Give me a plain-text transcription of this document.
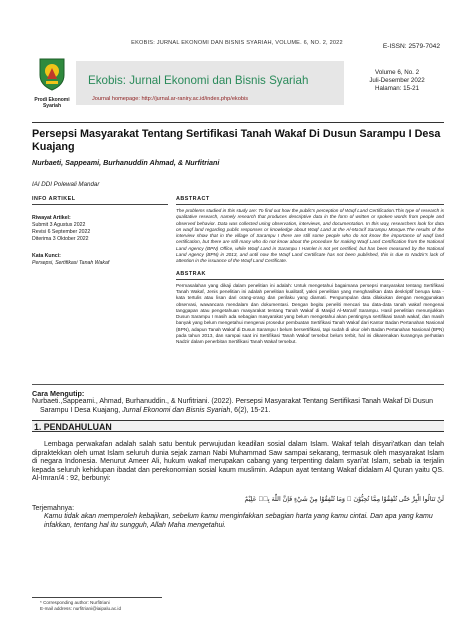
EKOBIS: JURNAL EKONOMI DAN BISNIS SYARIAH, VOLUME. 6, NO. 2, 2022	E-ISSN: 2579-7042
Prodi Ekonomi
Syariah
Ekobis: Jurnal Ekonomi dan Bisnis Syariah
Journal homepage: http://jurnal.ar-raniry.ac.id/index.php/ekobis
Volume 6, No. 2
Juli-Desember 2022
Halaman: 15-21
Persepsi Masyarakat Tentang Sertifikasi Tanah Wakaf Di Dusun Sarampu I Desa Kuajang
Nurbaeti, Sappeami, Burhanuddin Ahmad, & Nurfitriani
IAI DDI Polewali Mandar
INFO ARTIKEL
Riwayat Artikel:
Submit 3 Agustus 2022
Revisi 6 September 2022
Diterima 3 Oktober 2022
Kata Kunci:
Persepsi, Sertifikasi Tanah Wakaf
ABSTRACT
The problems studied in this study are: To find out how the public's perception of Waqf Land Certification.This type of research is qualitative research, namely research that produces descriptive data in the form of written or spoken words from people and observed behavior. Data was collected using observation, interviews, and documentation. In this way, researchers look for data on waqf land regarding public responses or knowledge about Waqf Land at the Al-Ma'arif Sarampu Mosque.The results of the interview show that in the village of Sarampu I there are still some people who do not know the importance of waqf land certification, but there are still many who do not know about the procedure for making Waqf Land Certification from the National Land Agency (BPN) Office, while Waqf Land in Sarampu I Hamlet is not yet certified, but has been measured by the National Land Agency (BPN) in 2013, and until now the Waqf Land Certificate has not been published, this is due to Nadzir's lack of attention in the issuance of the Waqf Land Certificate.
ABSTRAK
Permasalahan yang dikaji dalam penelitian ini adalah: Untuk mengetahui bagaimana persepsi masyarakat tentang Sertifikasi Tanah Wakaf, Jenis penelitian ini adalah penelitian kualitatif, yakni penelitian yang menghasilkan data deskriptif berupa kata - kata tertulis atau lisan dari orang-orang dan perilaku yang diamati. Pengumpulan data dilakukan dengan menggunakan observasi, wawancara mendalam dan dokumentasi. Dengan begitu peneliti mencari tau data-data tanah wakaf mengenai tanggapan atau pengetahuan masyarakat tentang Tanah Wakaf di Masjid Al-Ma'arif Sarampu. Hasil penelitian menunjukkan Dusun Sarampu I masih ada sebagian masyarakat yang belum mengetahui akan pentingnya sertifikasi tanah wakaf, dan masih banyak yang belum mengetahui mengenai prosedur pembuatan Sertifikasi Tanah Wakaf dari Kantor Badan Pertanahan Nasional (BPN), adapun Tanah Wakaf di Dusun Sarampu I belum bersertifikasi, tapi sudah di ukur oleh Badan Pertanahan Nasional (BPN) pada tahun 2013, dan sampai saat ini Sertifikasi Tanah Wakaf tersebut belum terbit, hal ini dikarenakan kurangnya perhatian Nadzir dalam penerbitan Sertifikasi Tanah Wakaf tersebut.
Cara Mengutip:
Nurbaeti.,Sappeami., Ahmad, Burhanuddin., & Nurfitriani. (2022). Persepsi Masyarakat Tentang Sertifikasi Tanah Wakaf Di Dusun Sarampu I Desa Kuajang, Jurnal Ekonomi dan Bisnis Syariah, 6(2), 15-21.
1. PENDAHULUAN
Lembaga perwakafan adalah salah satu bentuk perwujudan keadilan sosial dalam Islam. Wakaf telah disyari'atkan dan telah dipraktekkan oleh umat Islam seluruh dunia sejak zaman Nabi Muhammad Saw sampai sekarang, termasuk oleh masyarakat Islam di negara Indonesia. Menurut Ameer Ali, hukum wakaf merupakan cabang yang terpenting dalam syari'at Islam, sebab ia terjalin kepada seluruh kehidupan ibadat dan perekonomian sosial kaum muslimin. Adapun ayat tentang Wakaf didalam Al Quran yaitu QS. Al-Imran/4 : 92, berbunyi:
لَنْ تَنَالُوا الْبِرَّ حَتّٰى تُنْفِقُوْا مِمَّا تُحِبُّوْنَ ۗ وَمَا تُنْفِقُوْا مِنْ شَيْءٍ فَاِنَّ اللّٰهَ بِهٖ عَلِيْمٌ
Terjemahnya:
Kamu tidak akan memperoleh kebajikan, sebelum kamu menginfakkan sebagian harta yang kamu cintai. Dan apa yang kamu infakkan, tentang hal itu sungguh, Allah Maha mengetahui.
* Corresponding author: Nurfitriani
E-mail address: nurfitriani@iaipalu.ac.id
